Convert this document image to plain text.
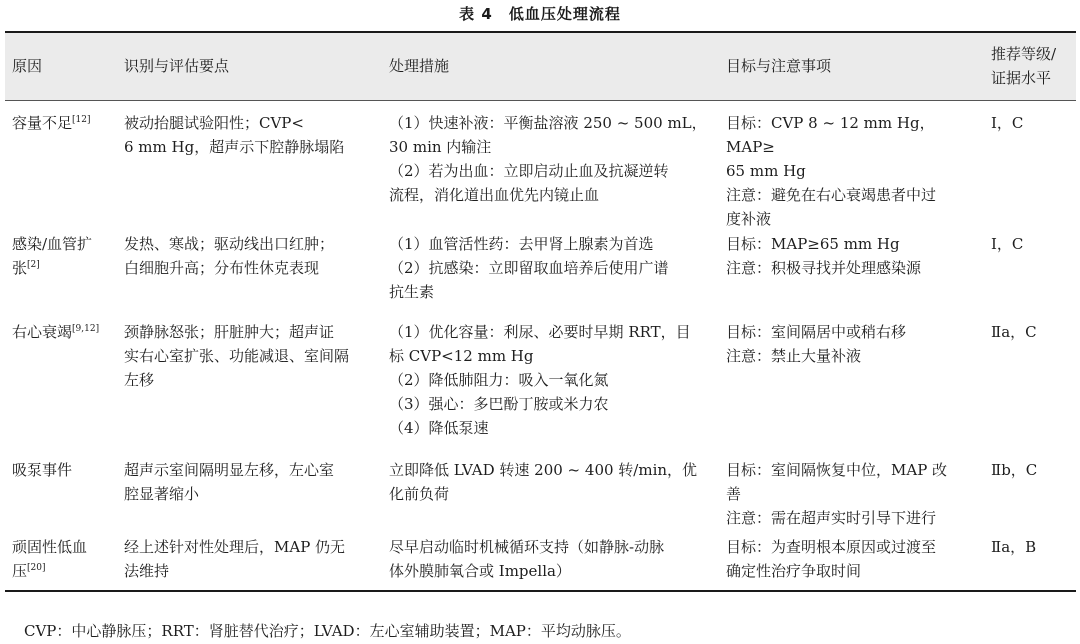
表 4　低血压处理流程
原因	识别与评估要点	处理措施	目标与注意事项	推荐等级/
证据水平

容量不足[12]	被动抬腿试验阳性；CVP<
6 mm Hg，超声示下腔静脉塌陷	（1）快速补液：平衡盐溶液 250 ~ 500 mL，
30 min 内输注
（2）若为出血：立即启动止血及抗凝逆转
流程，消化道出血优先内镜止血	目标：CVP 8 ~ 12 mm Hg，MAP≥
65 mm Hg
注意：避免在右心衰竭患者中过
度补液	Ⅰ，C

感染/血管扩
张[2]	发热、寒战；驱动线出口红肿；
白细胞升高；分布性休克表现	（1）血管活性药：去甲肾上腺素为首选
（2）抗感染：立即留取血培养后使用广谱
抗生素	目标：MAP≥65 mm Hg
注意：积极寻找并处理感染源	Ⅰ，C
右心衰竭[9,12]	颈静脉怒张；肝脏肿大；超声证
实右心室扩张、功能减退、室间隔
左移	（1）优化容量：利尿、必要时早期 RRT，目
标 CVP<12 mm Hg
（2）降低肺阻力：吸入一氧化氮
（3）强心：多巴酚丁胺或米力农
（4）降低泵速	目标：室间隔居中或稍右移
注意：禁止大量补液	Ⅱa，C
吸泵事件	超声示室间隔明显左移，左心室
腔显著缩小	立即降低 LVAD 转速 200 ~ 400 转/min，优
化前负荷	目标：室间隔恢复中位，MAP 改
善
注意：需在超声实时引导下进行	Ⅱb，C

顽固性低血
压[20]	经上述针对性处理后，MAP 仍无
法维持	尽早启动临时机械循环支持（如静脉-动脉
体外膜肺氧合或 Impella）	目标：为查明根本原因或过渡至
确定性治疗争取时间	Ⅱa，B
CVP：中心静脉压；RRT：肾脏替代治疗；LVAD：左心室辅助装置；MAP：平均动脉压。
